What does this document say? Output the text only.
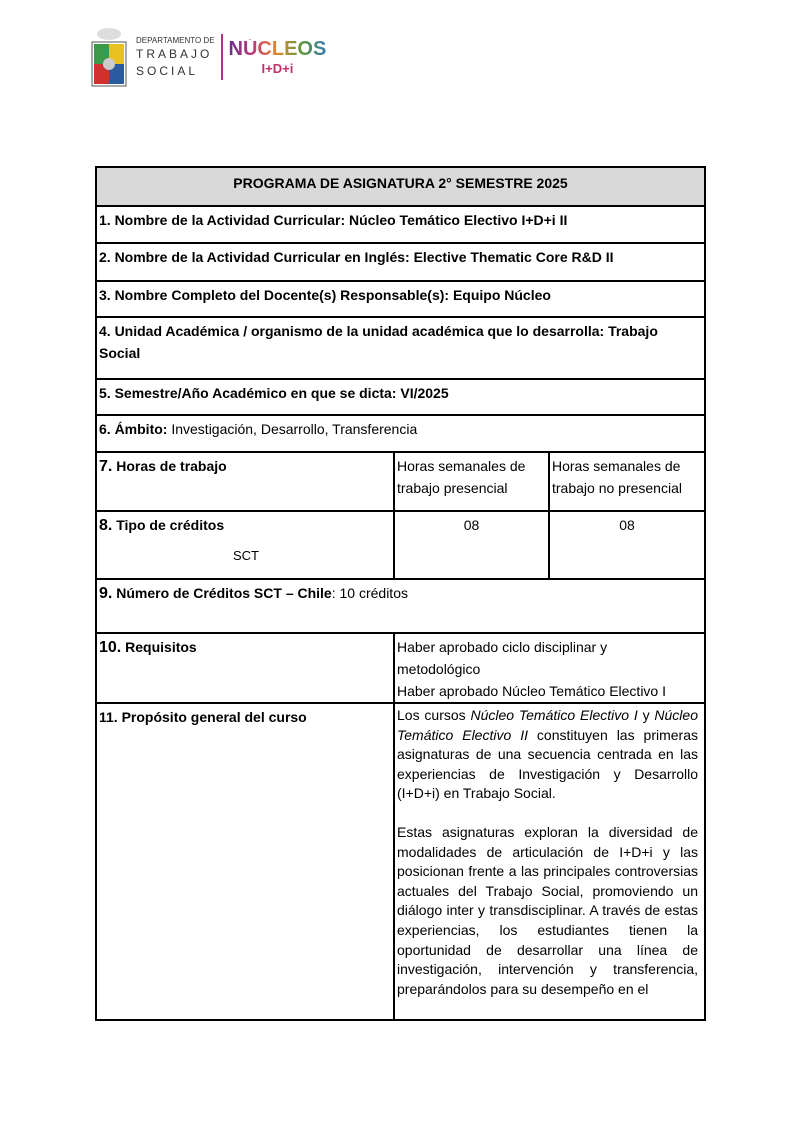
DEPARTAMENTO DE
TRABAJO
SOCIAL
NÚCLEOS
I+D+i
PROGRAMA DE ASIGNATURA 2° SEMESTRE 2025		
1. Nombre de la Actividad Curricular: Núcleo Temático Electivo I+D+i II		
2. Nombre de la Actividad Curricular en Inglés: Elective Thematic Core R&D II		
3. Nombre Completo del Docente(s) Responsable(s): Equipo Núcleo		
4. Unidad Académica / organismo de la unidad académica que lo desarrolla: Trabajo Social		
5. Semestre/Año Académico en que se dicta: VI/2025		
6. Ámbito: Investigación, Desarrollo, Transferencia		
7. Horas de trabajo	Horas semanales de trabajo presencial	Horas semanales de trabajo no presencial
8. Tipo de créditos
SCT	08	08
9. Número de Créditos SCT – Chile: 10 créditos		
10. Requisitos	Haber aprobado ciclo disciplinar y metodológico
Haber aprobado Núcleo Temático Electivo I	

11. Propósito general del curso	Los cursos Núcleo Temático Electivo I y Núcleo Temático Electivo II constituyen las primeras asignaturas de una secuencia centrada en las experiencias de Investigación y Desarrollo (I+D+i) en Trabajo Social.
Estas asignaturas exploran la diversidad de modalidades de articulación de I+D+i y las posicionan frente a las principales controversias actuales del Trabajo Social, promoviendo un diálogo inter y transdisciplinar. A través de estas experiencias, los estudiantes tienen la oportunidad de desarrollar una línea de investigación, intervención y transferencia, preparándolos para su desempeño en el	
